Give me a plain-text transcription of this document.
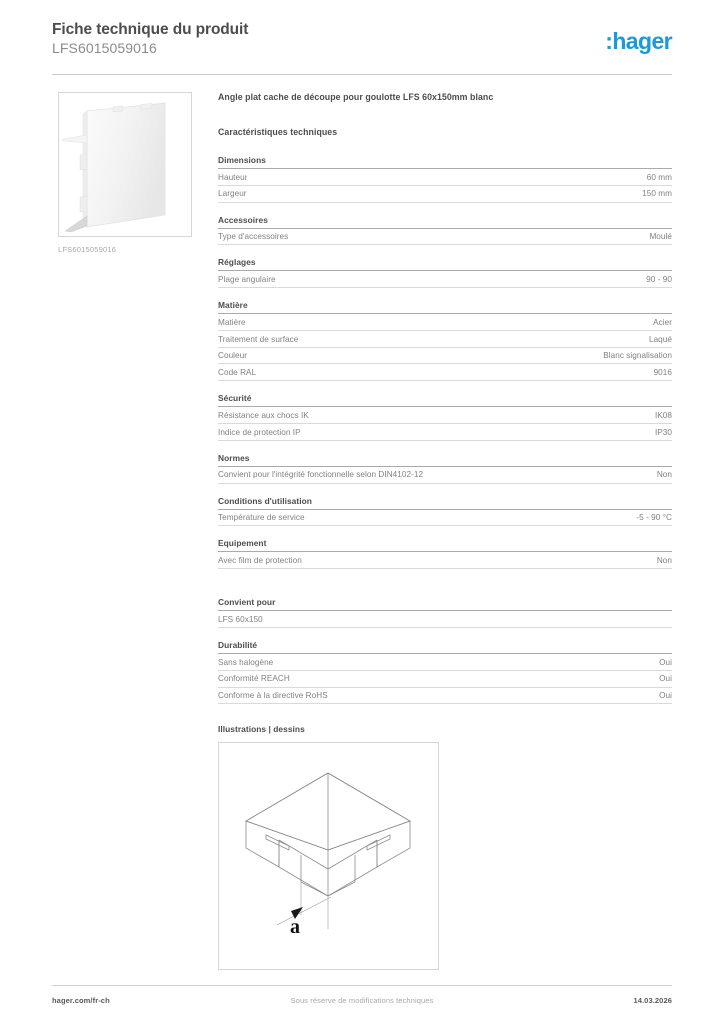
Fiche technique du produit
LFS6015059016	:hager
LFS6015059016
Angle plat cache de découpe pour goulotte LFS 60x150mm blanc
Caractéristiques techniques
Dimensions
Hauteur	60 mm
Largeur	150 mm
Accessoires
Type d'accessoires	Moulé
Réglages
Plage angulaire	90 - 90
Matière
Matière	Acier
Traitement de surface	Laqué
Couleur	Blanc signalisation
Code RAL	9016
Sécurité
Résistance aux chocs IK	IK08
Indice de protection IP	IP30
Normes
Convient pour l'intégrité fonctionnelle selon DIN4102-12	Non
Conditions d'utilisation
Température de service	-5 - 90 °C
Equipement
Avec film de protection	Non
Convient pour
LFS 60x150
Durabilité
Sans halogène	Oui
Conformité REACH	Oui
Conforme à la directive RoHS	Oui
Illustrations | dessins
a
hager.com/fr-ch	Sous réserve de modifications techniques	14.03.2026
